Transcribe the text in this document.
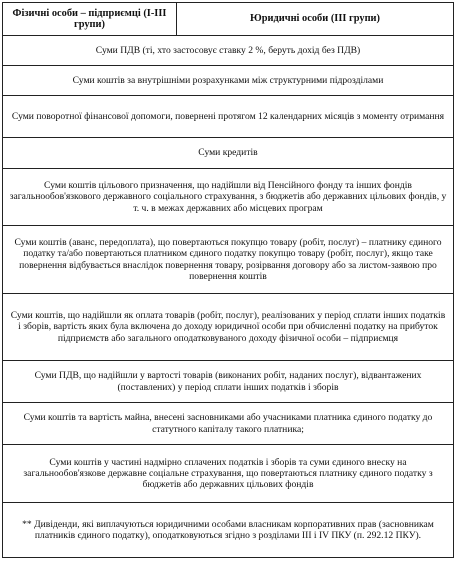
Фізичні особи – підприємці (І-ІІІ групи)	Юридичні особи (ІІІ групи)
Суми ПДВ (ті, хто застосовує ставку 2 %, беруть дохід без ПДВ)
Суми коштів за внутрішніми розрахунками між структурними підрозділами
Суми поворотної фінансової допомоги, повернені протягом 12 календарних місяців з моменту отримання
Суми кредитів
Суми коштів цільового призначення, що надійшли від Пенсійного фонду та інших фондів загальнообов'язкового державного соціального страхування, з бюджетів або державних цільових фондів, у т. ч. в межах державних або місцевих програм
Суми коштів (аванс, передоплата), що повертаються покупцю товару (робіт, послуг) – платнику єдиного податку та/або повертаються платником єдиного податку покупцю товару (робіт, послуг), якщо таке повернення відбувається внаслідок повернення товару, розірвання договору або за листом-заявою про повернення коштів
Суми коштів, що надійшли як оплата товарів (робіт, послуг), реалізованих у період сплати інших податків і зборів, вартість яких була включена до доходу юридичної особи при обчисленні податку на прибуток підприємств або загального оподатковуваного доходу фізичної особи – підприємця
Суми ПДВ, що надійшли у вартості товарів (виконаних робіт, наданих послуг), відвантажених (поставлених) у період сплати інших податків і зборів
Суми коштів та вартість майна, внесені засновниками або учасниками платника єдиного податку до статутного капіталу такого платника;
Суми коштів у частині надмірно сплачених податків і зборів та суми єдиного внеску на загальнообов'язкове державне соціальне страхування, що повертаються платнику єдиного податку з бюджетів або державних цільових фондів
** Дивіденди, які виплачуються юридичними особами власникам корпоративних прав (засновникам платників єдиного податку), оподатковуються згідно з розділами ІІІ і IV ПКУ (п. 292.12 ПКУ).
